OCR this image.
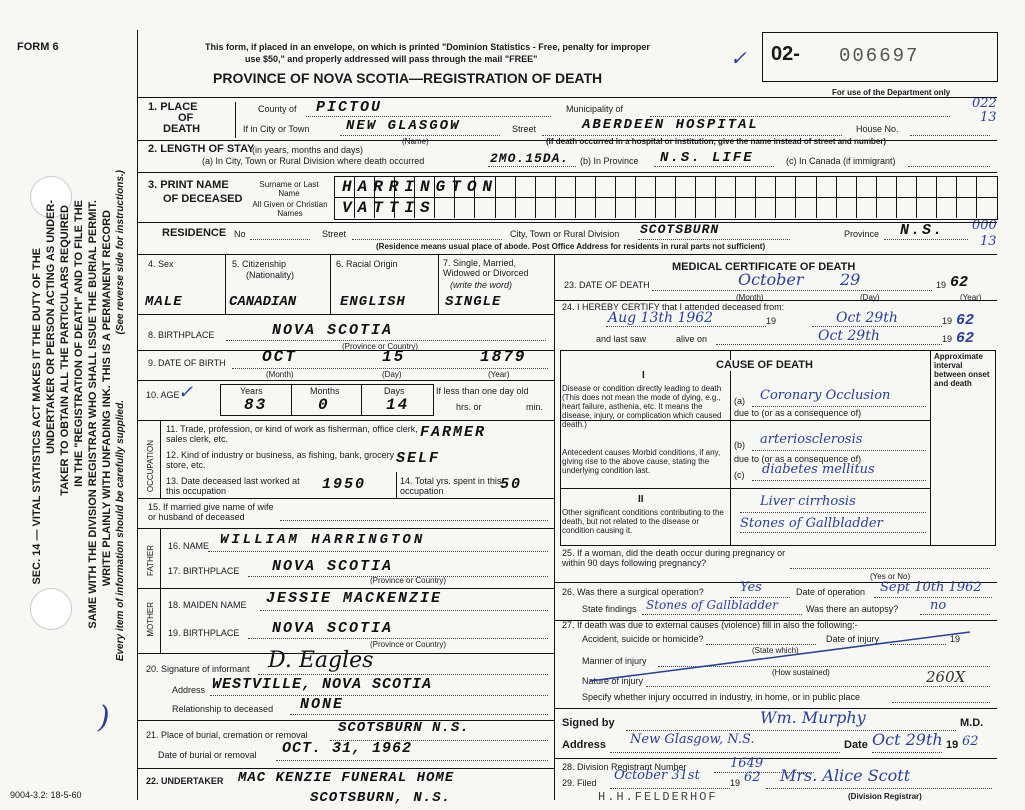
FORM 6
SEC. 14 — VITAL STATISTICS ACT MAKES IT THE DUTY OF THE UNDERTAKER OR PERSON ACTING AS UNDER- TAKER TO OBTAIN ALL THE PARTICULARS REQUIRED IN THE "REGISTRATION OF DEATH" AND TO FILE THE SAME WITH THE DIVISION REGISTRAR WHO SHALL ISSUE THE BURIAL PERMIT. WRITE PLAINLY WITH UNFADING INK. THIS IS A PERMANENT RECORD (See reverse side for instructions.)
Every item of information should be carefully supplied.
)
This form, if placed in an envelope, on which is printed "Dominion Statistics - Free, penalty for improper
use $50," and properly addressed will pass through the mail "FREE"
PROVINCE OF NOVA SCOTIA—REGISTRATION OF DEATH
✓ 02- 006697
For use of the Department only
022
13
000
13
1. PLACE
OF
DEATH
County of PICTOU	Municipality of
If in City or Town	NEW GLASGOW
(Name)
Street	ABERDEEN HOSPITAL	House No.
(If death occurred in a hospital or institution, give the name instead of street and number)
2. LENGTH OF STAY
(in years, months and days)
(a) In City, Town or Rural Division where death occurred	2MO.15DA. (b) In Province N.S. LIFE	(c) In Canada (if immigrant)
3. PRINT NAME
OF DECEASED
Surname or Last Name
All Given or Christian Names
HARRINGTON
VATTIS
RESIDENCE No	Street	City, Town or Rural Division SCOTSBURN	Province N.S.
(Residence means usual place of abode. Post Office Address for residents in rural parts not sufficient)
4. Sex	5. Citizenship
(Nationality)
6. Racial Origin	7. Single, Married, Widowed or Divorced
(write the word)
MALE	CANADIAN	ENGLISH	SINGLE
8. BIRTHPLACE	NOVA SCOTIA
(Province or Country)
9. DATE OF BIRTH OCT	15	1879
(Month)	(Day)	(Year)
10. AGE
✓	Years	Months	Days
83	0	14
If less than one day old
hrs. or	min.
OCCUPATION
11. Trade, profession, or kind of work as fisherman, office clerk, sales clerk, etc.	FARMER
12. Kind of industry or business, as fishing, bank, grocery store, etc.	SELF
13. Date deceased last worked at this occupation	1950	14. Total yrs. spent in this occupation	50
15. If married give name of wife or husband of deceased
FATHER 16. NAME WILLIAM HARRINGTON
17. BIRTHPLACE NOVA SCOTIA
(Province or Country)
MOTHER 18. MAIDEN NAME JESSIE MACKENZIE
19. BIRTHPLACE NOVA SCOTIA
(Province or Country)
20. Signature of informant D. Eagles
Address WESTVILLE, NOVA SCOTIA
Relationship to deceased NONE
21. Place of burial, cremation or removal SCOTSBURN N.S.
Date of burial or removal OCT. 31, 1962
22. UNDERTAKER MAC KENZIE FUNERAL HOME
SCOTSBURN, N.S.
9004-3.2: 18-5-60	H.H.FELDERHOF
MEDICAL CERTIFICATE OF DEATH
23. DATE OF DEATH	October 29	19 62
(Month)	(Day)	(Year)
24. I HEREBY CERTIFY that I attended deceased from:
Aug 13th 1962	19	Oct 29th	19 62
and last saw	alive on	Oct 29th	19 62
CAUSE OF DEATH
Approximate interval between onset and death
I
Disease or condition directly leading to death (This does not mean the mode of dying, e.g., heart failure, asthenia, etc. It means the disease, injury, or complication which caused death.)
(a) Coronary Occlusion
due to (or as a consequence of)
Antecedent causes Morbid conditions, if any, giving rise to the above cause, stating the underlying condition last.
(b) arteriosclerosis
due to (or as a consequence of)
(c) diabetes mellitus
II
Other significant conditions contributing to the death, but not related to the disease or condition causing it.
Liver cirrhosis
Stones of Gallbladder
25. If a woman, did the death occur during pregnancy or within 90 days following pregnancy?
(Yes or No)
26. Was there a surgical operation?	Yes	Date of operation Sept 10th 1962
State findings Stones of Gallbladder	Was there an autopsy? no
27. If death was due to external causes (violence) fill in also the following:-
Accident, suicide or homicide?
(State which)
Date of injury	19
Manner of injury
(How sustained)
Nature of injury	260X
Specify whether injury occurred in industry, in home, or in public place
Signed by	Wm. Murphy	M.D.
Address New Glasgow, N.S.	Date Oct 29th 19 62
28. Division Registrant Number	1649
29. Filed October 31st	19 62 Mrs. Alice Scott
(Division Registrar)
